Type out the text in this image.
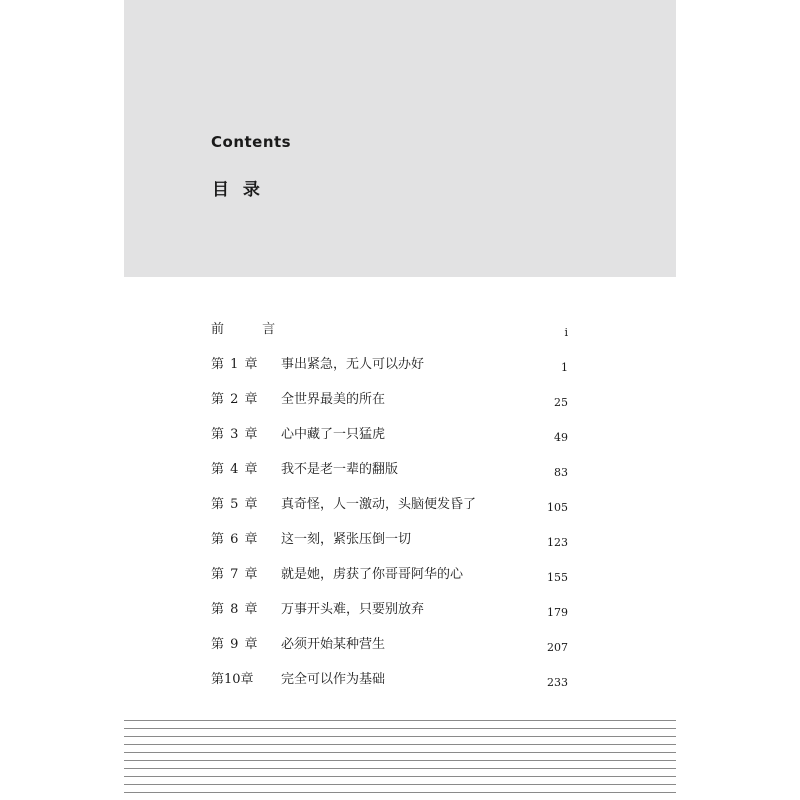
Contents
目 录
前 言	i
第 1 章	事出紧急，无人可以办好	1
第 2 章	全世界最美的所在	25
第 3 章	心中藏了一只猛虎	49
第 4 章	我不是老一辈的翻版	83
第 5 章	真奇怪，人一激动，头脑便发昏了	105
第 6 章	这一刻，紧张压倒一切	123
第 7 章	就是她，虏获了你哥哥阿华的心	155
第 8 章	万事开头难，只要别放弃	179
第 9 章	必须开始某种营生	207
第10章	完全可以作为基础	233
